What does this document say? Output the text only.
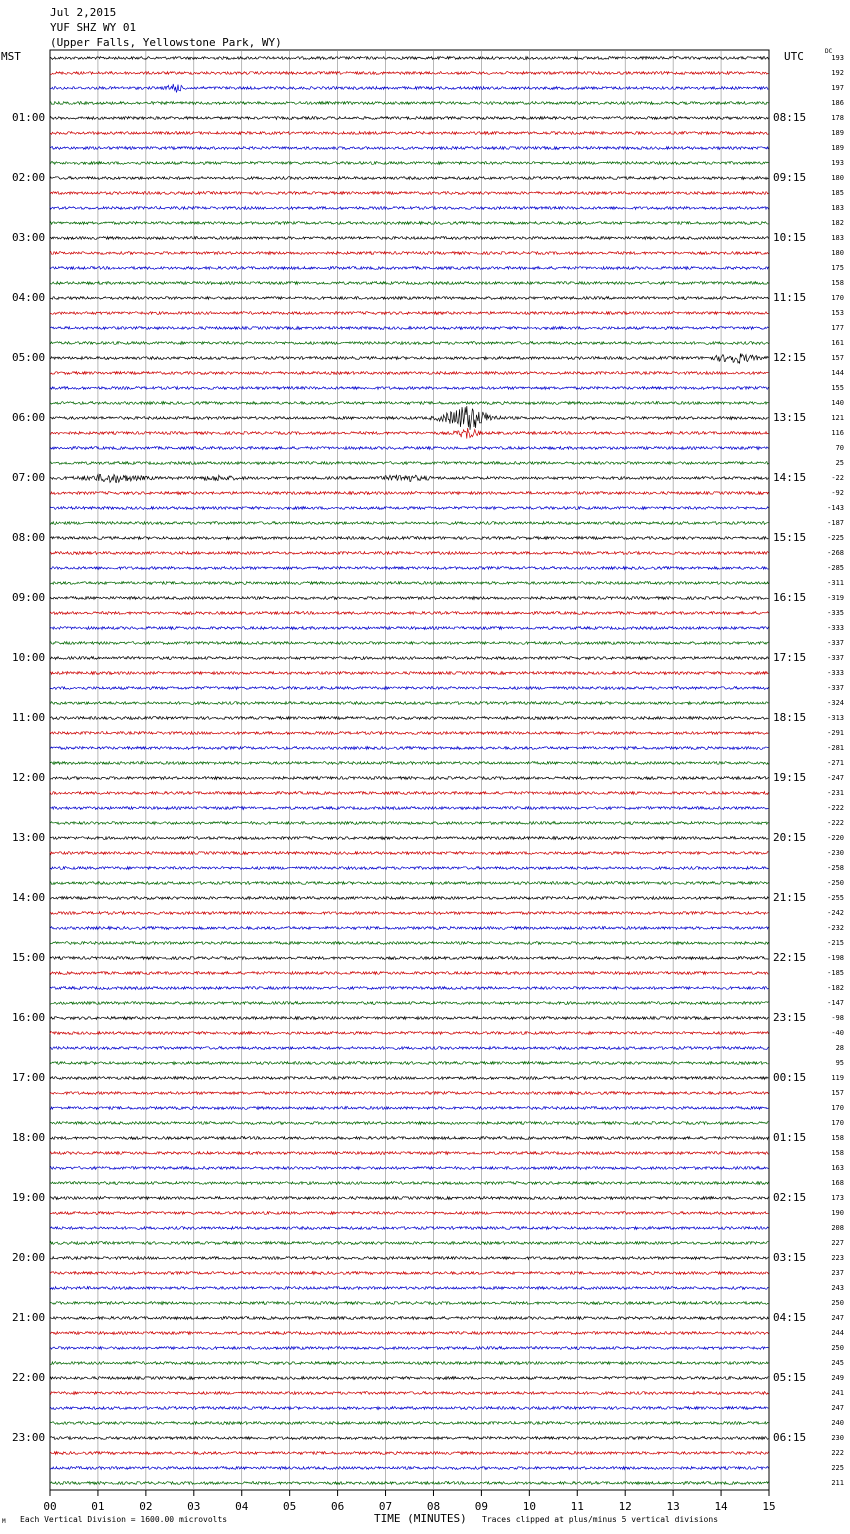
Jul 2,2015
YUF SHZ WY 01
(Upper Falls, Yellowstone Park, WY)
MST	UTC	DC
01:00
02:00
03:00
04:00
05:00
06:00
07:00
08:00
09:00
10:00
11:00
12:00
13:00
14:00
15:00
16:00
17:00
18:00
19:00
20:00
21:00
22:00
23:00
08:15
09:15
10:15
11:15
12:15
13:15
14:15
15:15
16:15
17:15
18:15
19:15
20:15
21:15
22:15
23:15
00:15
01:15
02:15
03:15
04:15
05:15
06:15
193
192
197
186
178
189
189
193
180
185
183
182
183
180
175
158
170
153
177
161
157
144
155
140
121
116
70
25
-22
-92
-143
-187
-225
-268
-285
-311
-319
-335
-333
-337
-337
-333
-337
-324
-313
-291
-281
-271
-247
-231
-222
-222
-220
-230
-258
-250
-255
-242
-232
-215
-198
-185
-182
-147
-98
-40
28
95
119
157
170
170
158
158
163
168
173
190
208
227
223
237
243
250
247
244
250
245
249
241
247
240
230
222
225
211
00	01	02	03	04	05	06	07	08	09	10	11	12	13	14	15
Each Vertical Division = 1600.00 microvolts	TIME (MINUTES) Traces clipped at plus/minus 5 vertical divisions
M
